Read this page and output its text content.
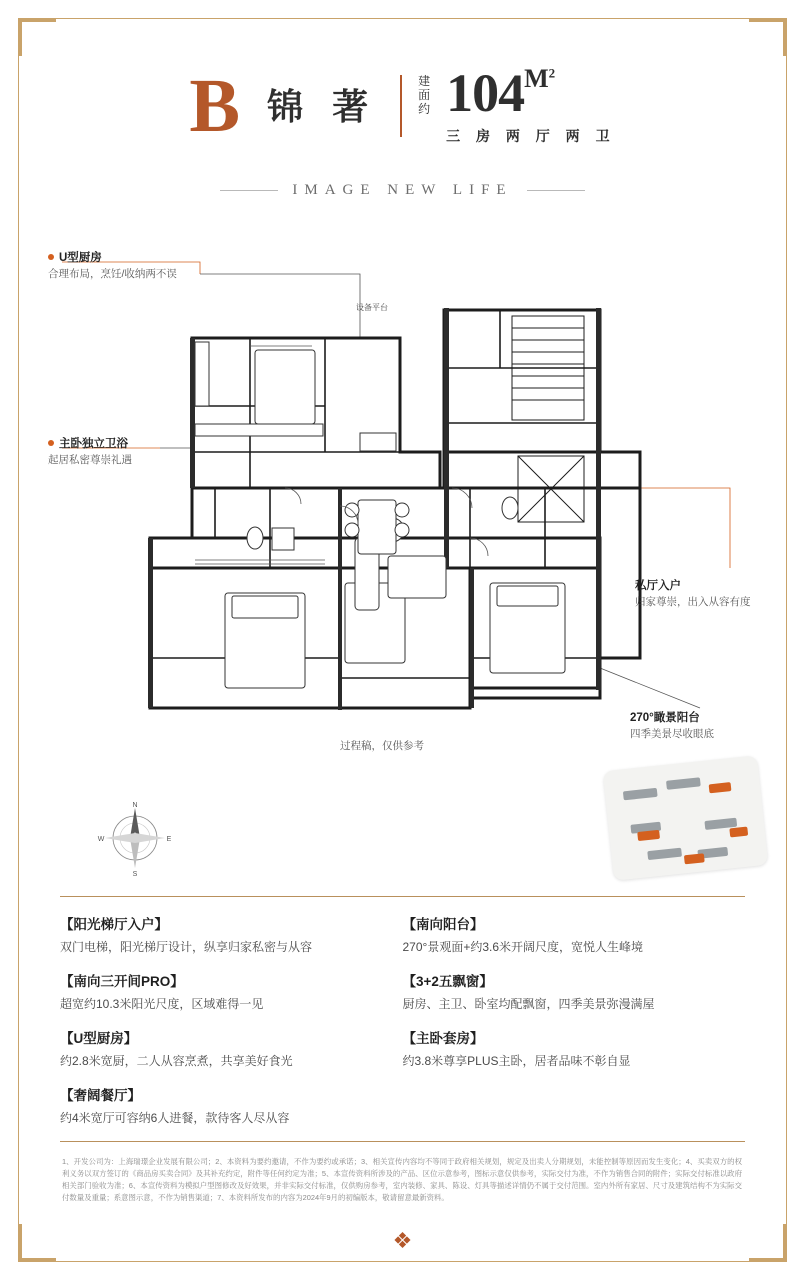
B 锦 著
建
面
约 104 $M^2$
三 房 两 厅 两 卫
IMAGE NEW LIFE
设备平台
U型厨房
合理布局，烹饪/收纳两不误
主卧独立卫浴
起居私密尊崇礼遇
私厅入户
归家尊崇，出入从容有度
270°瞰景阳台
四季美景尽收眼底
过程稿，仅供参考
N
S
E
W
【阳光梯厅入户】
双门电梯，阳光梯厅设计，纵享归家私密与从容
【南向三开间PRO】
超宽约10.3米阳光尺度，区域难得一见
【U型厨房】
约2.8米宽厨，二人从容烹煮，共享美好食光
【奢阔餐厅】
约4米宽厅可容纳6人进餐，款待客人尽从容
【南向阳台】
270°景观面+约3.6米开阔尺度，宽悦人生峰境
【3+2五飘窗】
厨房、主卫、卧室均配飘窗，四季美景弥漫满屋
【主卧套房】
约3.8米尊享PLUS主卧，居者品味不彰自显
1、开发公司为：上海瑞璟企业发展有限公司；2、本资料为要约邀请，不作为要约或承诺；3、相关宣传内容均不等同于政府相关规划，规定及出卖人分期规划，未能控制等原因而发生变化；4、买卖双方的权利义务以双方签订的《商品房买卖合同》及其补充约定，附件等任何约定为准；5、本宣传资料所涉及的产品、区位示意参考，图标示意仅供参考，实际交付为准，不作为销售合同的附件；实际交付标准以政府相关部门验收为准；6、本宣传资料为模拟户型图修改及好效果，并非实际交付标准，仅供购房参考，室内装修、家具、陈设、灯具等描述详情仍不属于交付范围。室内外所有家居、尺寸及建筑结构不为实际交付数量及重量；系意图示意，不作为销售渠道；7、本资料所发布的内容为2024年9月的初编版本，敬请留意最新资料。
❖
